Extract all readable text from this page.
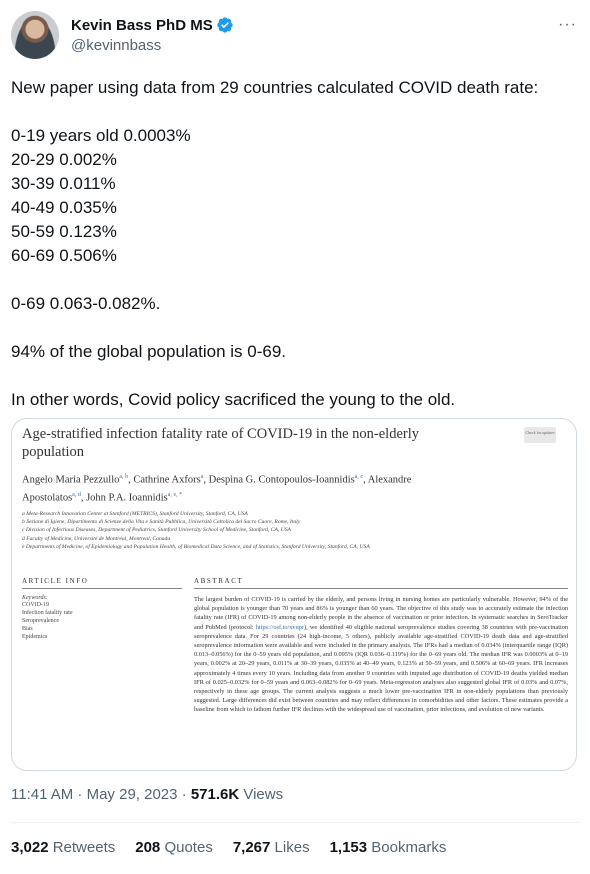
Kevin Bass PhD MS
@kevinnbass
···

New paper using data from 29 countries calculated COVID death rate:

0-19 years old 0.0003%

20-29 0.002%

30-39 0.011%

40-49 0.035%

50-59 0.123%

60-69 0.506%

0-69 0.063-0.082%.

94% of the global population is 0-69.

In other words, Covid policy sacrificed the young to the old.

Age-stratified infection fatality rate of COVID-19 in the non-elderly population
Check for updates
Angelo Maria Pezzullo$^{a, b}$, Cathrine Axfors$^a$, Despina G. Contopoulos-Ioannidis$^{a, c}$, Alexandre Apostolatos$^{a, d}$, John P.A. Ioannidis$^{a, e, *}$
a Meta-Research Innovation Center at Stanford (METRICS), Stanford University, Stanford, CA, USA
b Sezione di Igiene, Dipartimento di Scienze della Vita e Sanità Pubblica, Università Cattolica del Sacro Cuore, Rome, Italy
c Division of Infectious Diseases, Department of Pediatrics, Stanford University School of Medicine, Stanford, CA, USA
d Faculty of Medicine, Université de Montréal, Montreal, Canada
e Departments of Medicine, of Epidemiology and Population Health, of Biomedical Data Science, and of Statistics, Stanford University, Stanford, CA, USA
ARTICLE INFO
Keywords:
COVID-19
Infection fatality rate
Seroprevalence
Bias
Epidemics
ABSTRACT
The largest burden of COVID-19 is carried by the elderly, and persons living in nursing homes are particularly vulnerable. However, 94% of the global population is younger than 70 years and 86% is younger than 60 years. The objective of this study was to accurately estimate the infection fatality rate (IFR) of COVID-19 among non-elderly people in the absence of vaccination or prior infection. In systematic searches in SeroTracker and PubMed (protocol: https://osf.io/xvupr), we identified 40 eligible national seroprevalence studies covering 38 countries with pre-vaccination seroprevalence data. For 29 countries (24 high-income, 5 others), publicly available age-stratified COVID-19 death data and age-stratified seroprevalence information were available and were included in the primary analysis. The IFRs had a median of 0.034% (interquartile range (IQR) 0.013–0.056%) for the 0–59 years old population, and 0.095% (IQR 0.036–0.119%) for the 0–69 years old. The median IFR was 0.0003% at 0–19 years, 0.002% at 20–29 years, 0.011% at 30–39 years, 0.035% at 40–49 years, 0.123% at 50–59 years, and 0.506% at 60–69 years. IFR increases approximately 4 times every 10 years. Including data from another 9 countries with imputed age distribution of COVID-19 deaths yielded median IFR of 0.025–0.032% for 0–59 years and 0.063–0.082% for 0–69 years. Meta-regression analyses also suggested global IFR of 0.03% and 0.07%, respectively in these age groups. The current analysis suggests a much lower pre-vaccination IFR in non-elderly populations than previously suggested. Large differences did exist between countries and may reflect differences in comorbidities and other factors. These estimates provide a baseline from which to fathom further IFR declines with the widespread use of vaccination, prior infections, and evolution of new variants.
11:41 AM · May 29, 2023 · 571.6K Views
3,022 Retweets 208 Quotes 7,267 Likes 1,153 Bookmarks
